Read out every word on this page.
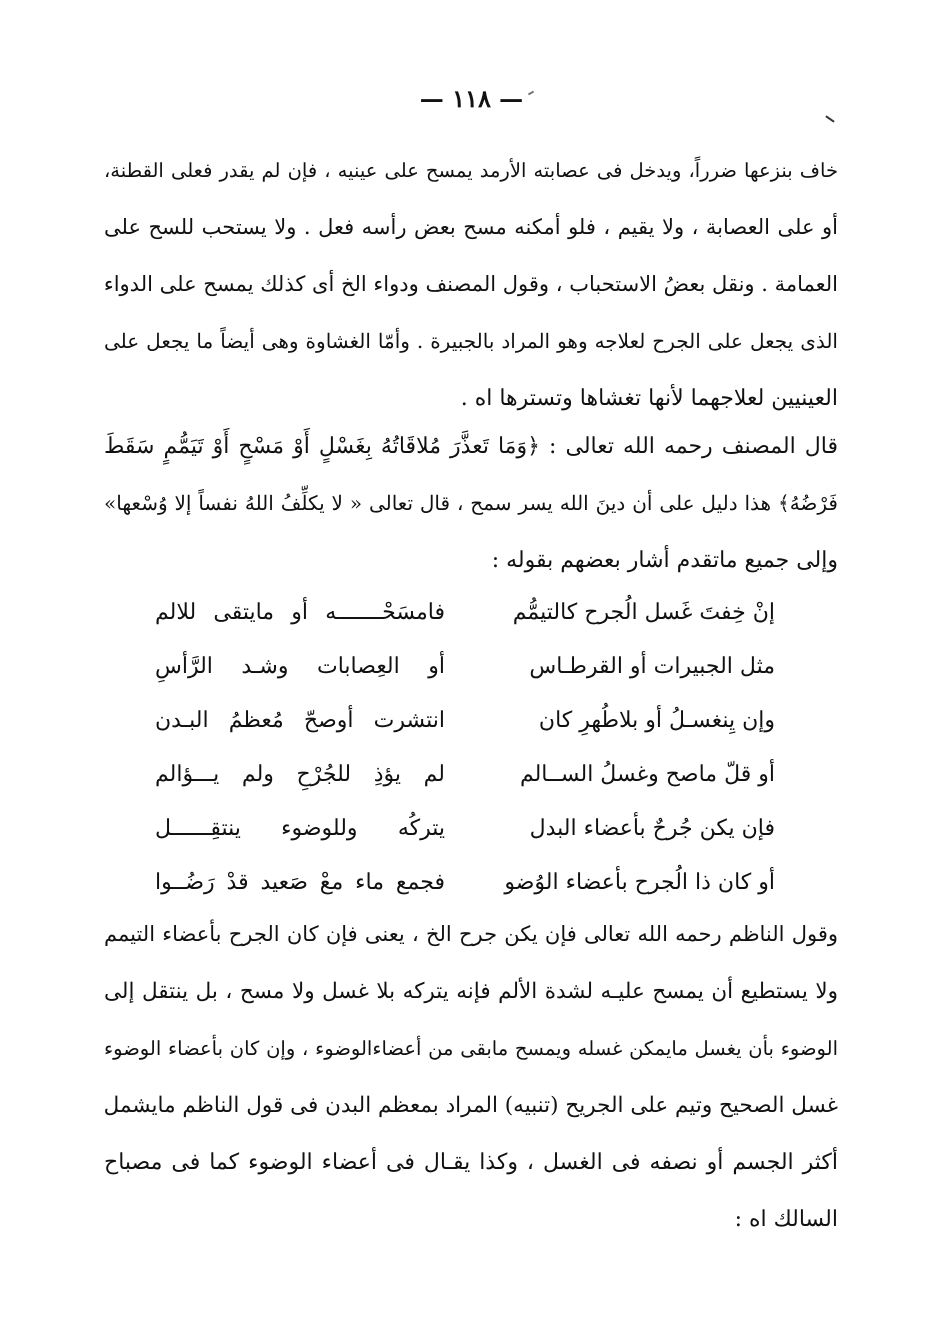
— ١١٨ —

خاف بنزعها ضرراً، ويدخل فى عصابته الأرمد يمسح على عينيه ، فإن لم يقدر فعلى القطنة،
أو على العصابة ، ولا يقيم ، فلو أمكنه مسح بعض رأسه فعل . ولا يستحب للسح على
العمامة . ونقل بعضُ الاستحباب ، وقول المصنف ودواء الخ أى كذلك يمسح على الدواء
الذى يجعل على الجرح لعلاجه وهو المراد بالجبيرة . وأمّا الغشاوة وهى أيضاً ما يجعل على
العينيين لعلاجهما لأنها تغشاها وتسترها اه .

قال المصنف رحمه الله تعالى : ﴿وَمَا تَعذَّرَ مُلاقَاتُهُ بِغَسْلٍ أَوْ مَسْحٍ أَوْ تَيَمُّمٍ سَقَطَ
فَرْضُهُ﴾ هذا دليل على أن دينَ الله يسر سمح ، قال تعالى « لا يكلِّفُ اللهُ نفساً إلا وُسْعها»
وإلى جميع ماتقدم أشار بعضهم بقوله :

إنْ خِفتَ غَسل الُجرح كالتيمُّم
فامسَحْـــــــه أو مايتقى للالم
مثل الجبيرات أو القرطـاس
أو العِصابات وشـد الرَّأسِ
وإن يِنغسـلُ أو بلاطُهرِ كان
انتشرت أوصحّ مُعظمُ البـدن
أو قلّ ماصح وغسلُ الســالم
لم يؤذِ للجُرْحِ ولم يـــؤالم
فإن يكن جُرحٌ بأعضاء البدل
يتركُه وللوضوء ينتقِــــــل
أو كان ذا الُجرح بأعضاء الوُضو
فجمع ماء معْ صَعيد قدْ رَضُــوا

وقول الناظم رحمه الله تعالى فإن يكن جرح الخ ، يعنى فإن كان الجرح بأعضاء التيمم
ولا يستطيع أن يمسح عليـه لشدة الألم فإنه يتركه بلا غسل ولا مسح ، بل ينتقل إلى
الوضوء بأن يغسل مايمكن غسله ويمسح مابقى من أعضاءالوضوء ، وإن كان بأعضاء الوضوء
غسل الصحيح وتيم على الجريح (تنبيه) المراد بمعظم البدن فى قول الناظم مايشمل
أكثر الجسم أو نصفه فى الغسل ، وكذا يقـال فى أعضاء الوضوء كما فى مصباح
السالك اه :
